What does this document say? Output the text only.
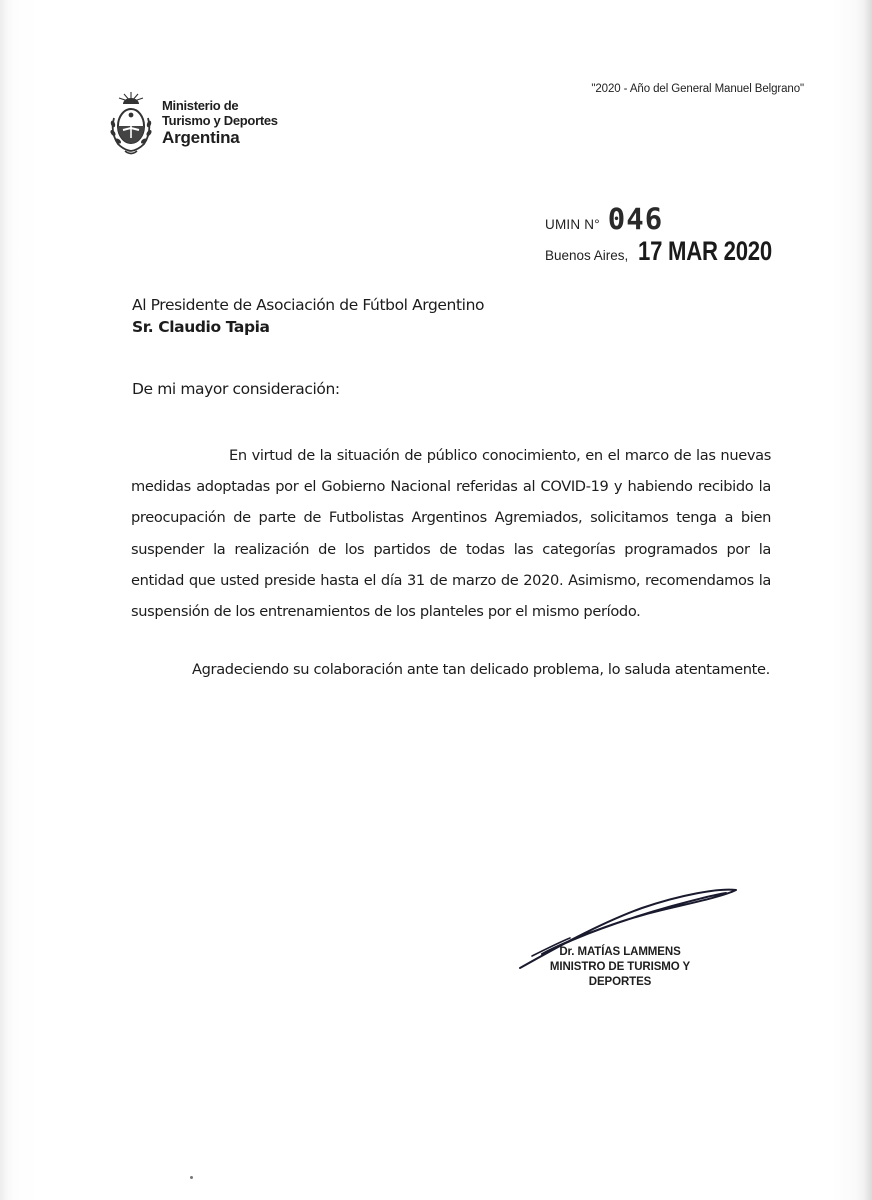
"2020 - Año del General Manuel Belgrano"
Ministerio de
Turismo y Deportes
Argentina
UMIN N° 046
Buenos Aires, 17 MAR 2020
Al Presidente de Asociación de Fútbol Argentino
Sr. Claudio Tapia
De mi mayor consideración:

En virtud de la situación de público conocimiento, en el marco de las nuevas medidas adoptadas por el Gobierno Nacional referidas al COVID-19 y habiendo recibido la preocupación de parte de Futbolistas Argentinos Agremiados, solicitamos tenga a bien suspender la realización de los partidos de todas las categorías programados por la entidad que usted preside hasta el día 31 de marzo de 2020. Asimismo, recomendamos la suspensión de los entrenamientos de los planteles por el mismo período.

Agradeciendo su colaboración ante tan delicado problema, lo saluda atentamente.
Dr. MATÍAS LAMMENS
MINISTRO DE TURISMO Y
DEPORTES
